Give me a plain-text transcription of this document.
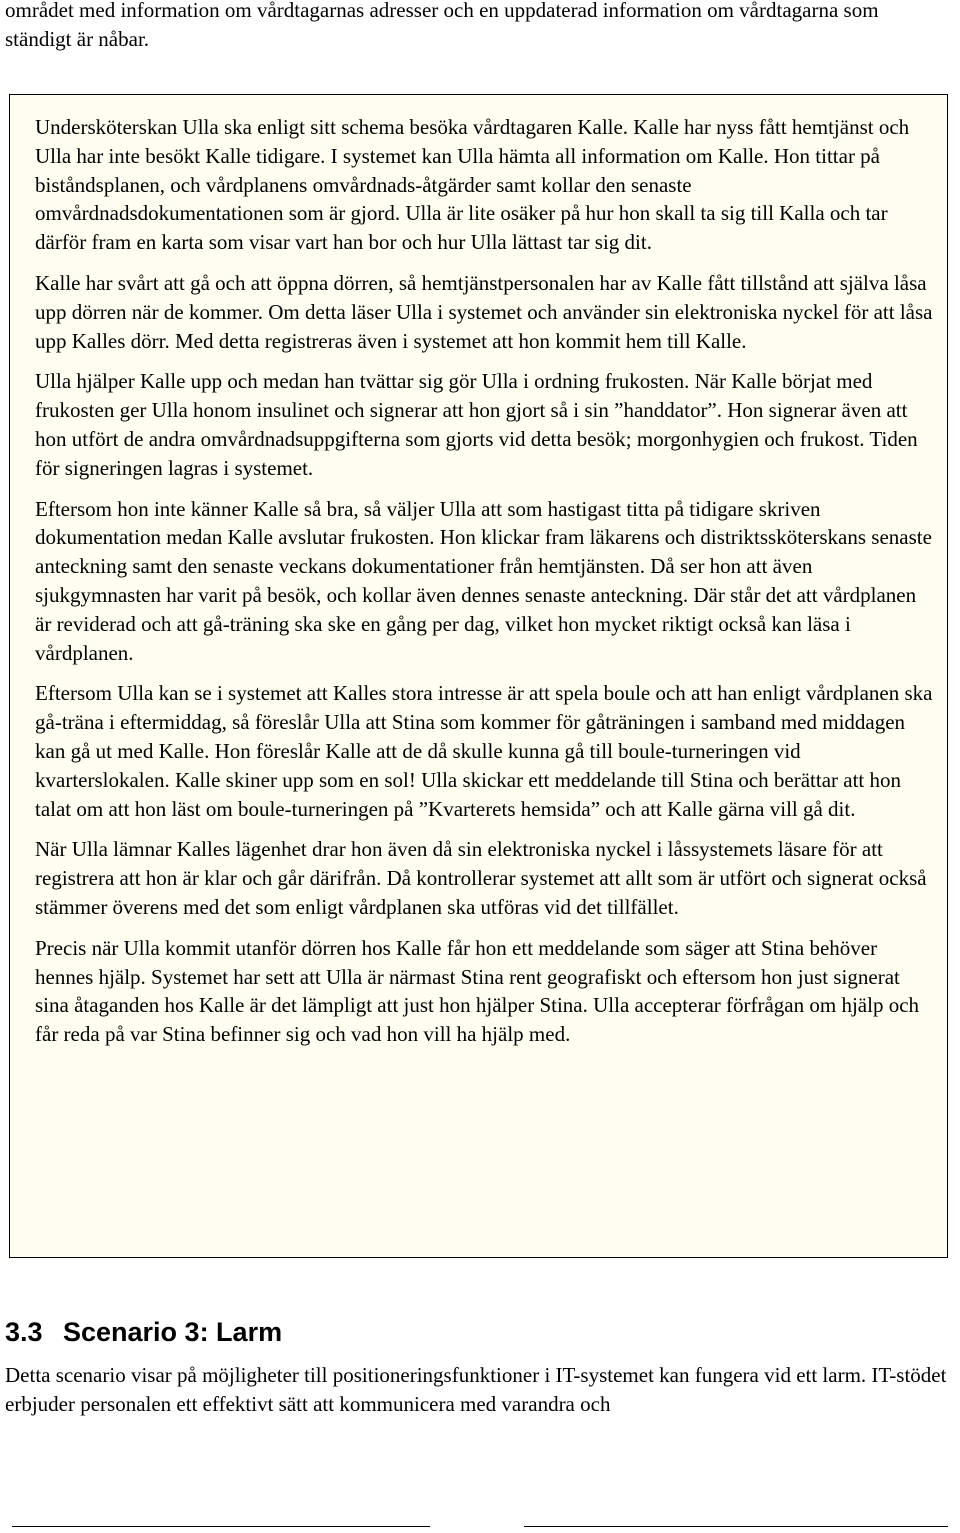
området med information om vårdtagarnas adresser och en uppdaterad information om vårdtagarna som ständigt är nåbar.

Undersköterskan Ulla ska enligt sitt schema besöka vårdtagaren Kalle. Kalle har nyss fått hemtjänst och Ulla har inte besökt Kalle tidigare. I systemet kan Ulla hämta all information om Kalle. Hon tittar på biståndsplanen, och vårdplanens omvårdnads-åtgärder samt kollar den senaste omvårdnadsdokumentationen som är gjord. Ulla är lite osäker på hur hon skall ta sig till Kalla och tar därför fram en karta som visar vart han bor och hur Ulla lättast tar sig dit.

Kalle har svårt att gå och att öppna dörren, så hemtjänstpersonalen har av Kalle fått tillstånd att själva låsa upp dörren när de kommer. Om detta läser Ulla i systemet och använder sin elektroniska nyckel för att låsa upp Kalles dörr. Med detta registreras även i systemet att hon kommit hem till Kalle.

Ulla hjälper Kalle upp och medan han tvättar sig gör Ulla i ordning frukosten. När Kalle börjat med frukosten ger Ulla honom insulinet och signerar att hon gjort så i sin ”handdator”. Hon signerar även att hon utfört de andra omvårdnadsuppgifterna som gjorts vid detta besök; morgonhygien och frukost. Tiden för signeringen lagras i systemet.

Eftersom hon inte känner Kalle så bra, så väljer Ulla att som hastigast titta på tidigare skriven dokumentation medan Kalle avslutar frukosten. Hon klickar fram läkarens och distriktssköterskans senaste anteckning samt den senaste veckans dokumentationer från hemtjänsten. Då ser hon att även sjukgymnasten har varit på besök, och kollar även dennes senaste anteckning. Där står det att vårdplanen är reviderad och att gå-träning ska ske en gång per dag, vilket hon mycket riktigt också kan läsa i vårdplanen.

Eftersom Ulla kan se i systemet att Kalles stora intresse är att spela boule och att han enligt vårdplanen ska gå-träna i eftermiddag, så föreslår Ulla att Stina som kommer för gåträningen i samband med middagen kan gå ut med Kalle. Hon föreslår Kalle att de då skulle kunna gå till boule-turneringen vid kvarterslokalen. Kalle skiner upp som en sol! Ulla skickar ett meddelande till Stina och berättar att hon talat om att hon läst om boule-turneringen på ”Kvarterets hemsida” och att Kalle gärna vill gå dit.

När Ulla lämnar Kalles lägenhet drar hon även då sin elektroniska nyckel i låssystemets läsare för att registrera att hon är klar och går därifrån. Då kontrollerar systemet att allt som är utfört och signerat också stämmer överens med det som enligt vårdplanen ska utföras vid det tillfället.

Precis när Ulla kommit utanför dörren hos Kalle får hon ett meddelande som säger att Stina behöver hennes hjälp. Systemet har sett att Ulla är närmast Stina rent geografiskt och eftersom hon just signerat sina åtaganden hos Kalle är det lämpligt att just hon hjälper Stina. Ulla accepterar förfrågan om hjälp och får reda på var Stina befinner sig och vad hon vill ha hjälp med.

3.3 Scenario 3: Larm

Detta scenario visar på möjligheter till positioneringsfunktioner i IT-systemet kan fungera vid ett larm. IT-stödet erbjuder personalen ett effektivt sätt att kommunicera med varandra och
